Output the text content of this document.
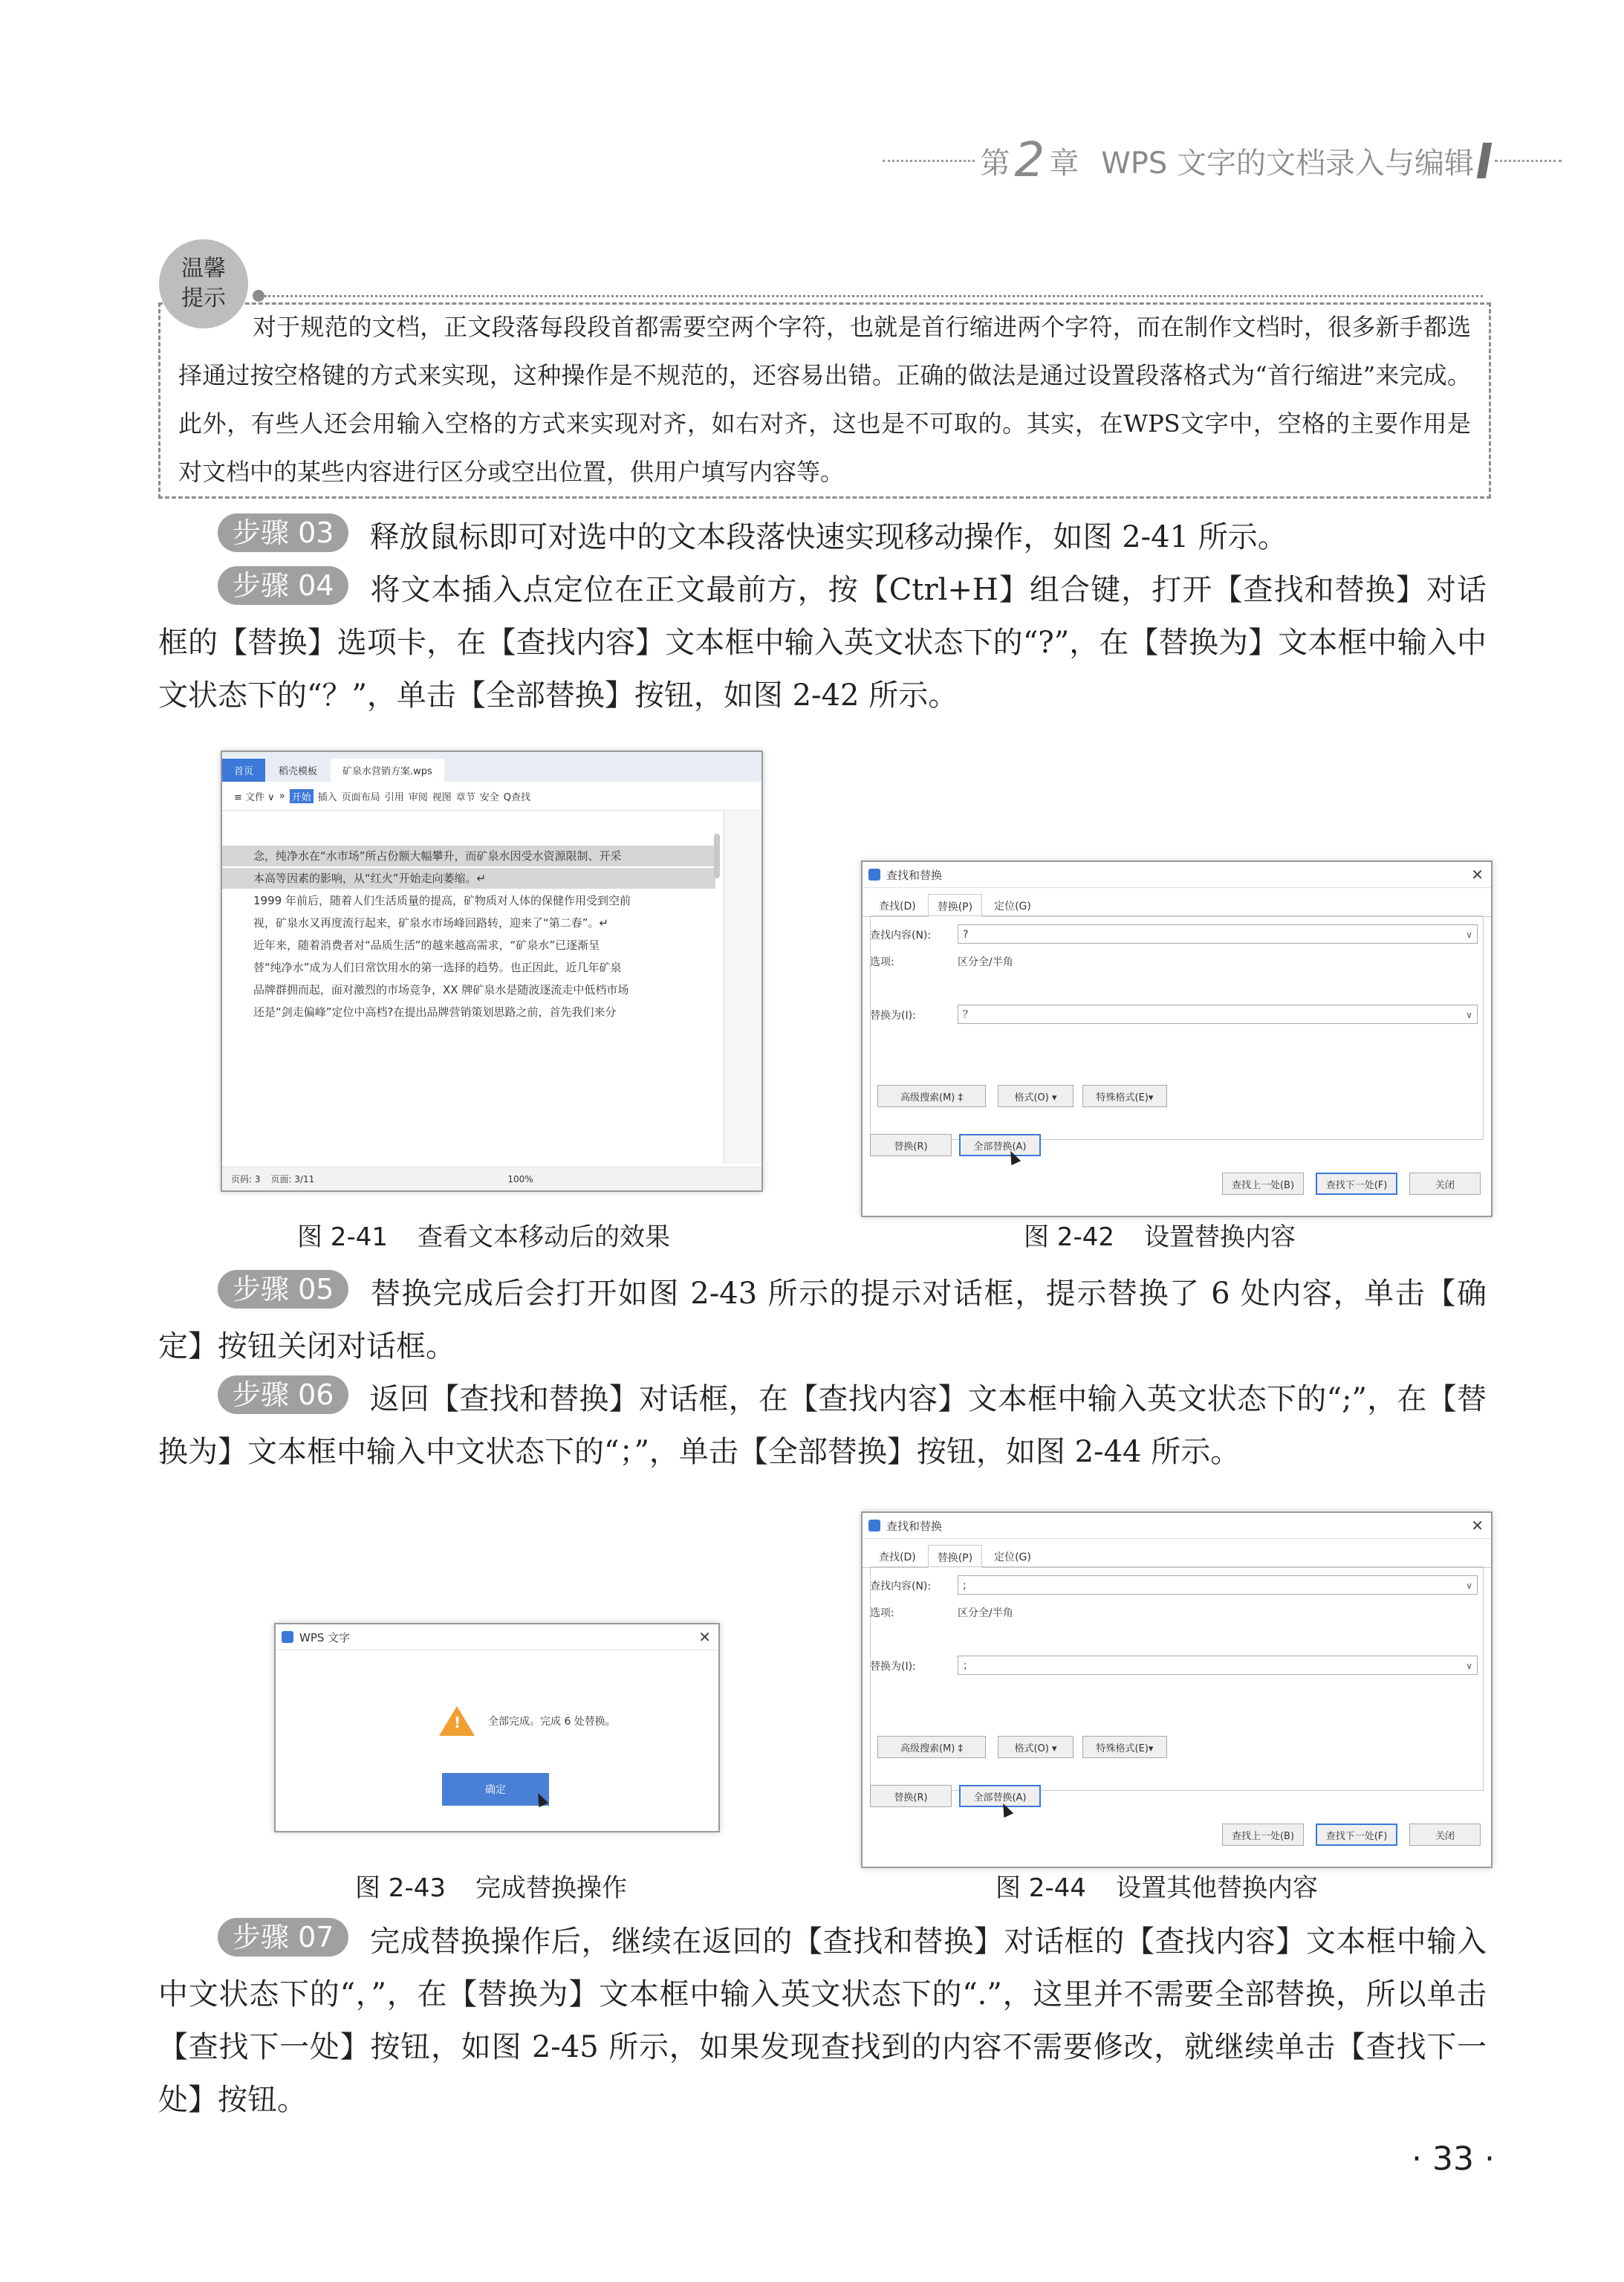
第 2 章 WPS 文字的文档录入与编辑
温馨
提示
对于规范的文档，正文段落每段段首都需要空两个字符，也就是首行缩进两个字符，而在制作文档时，很多新手都选择通过按空格键的方式来实现，这种操作是不规范的，还容易出错。正确的做法是通过设置段落格式为“首行缩进”来完成。此外，有些人还会用输入空格的方式来实现对齐，如右对齐，这也是不可取的。其实，在WPS文字中，空格的主要作用是对文档中的某些内容进行区分或空出位置，供用户填写内容等。
步骤 03 释放鼠标即可对选中的文本段落快速实现移动操作，如图 2-41 所示。
步骤 04 将文本插入点定位在正文最前方，按【Ctrl+H】组合键，打开【查找和替换】对话框的【替换】选项卡，在【查找内容】文本框中输入英文状态下的“?”，在【替换为】文本框中输入中文状态下的“？”，单击【全部替换】按钮，如图 2-42 所示。
首页	稻壳模板	矿泉水营销方案.wps
≡ 文件 ∨ » 开始 插入 页面布局 引用 审阅 视图 章节 安全 Q查找
念，纯净水在“水市场”所占份额大幅攀升，而矿泉水因受水资源限制、开采
本高等因素的影响，从“红火”开始走向萎缩。↵
1999 年前后，随着人们生活质量的提高，矿物质对人体的保健作用受到空前
视，矿泉水又再度流行起来，矿泉水市场峰回路转，迎来了“第二春”。↵
近年来，随着消费者对“品质生活”的越来越高需求，“矿泉水”已逐渐呈
替“纯净水”成为人们日常饮用水的第一选择的趋势。也正因此，近几年矿泉
品牌群拥而起，面对激烈的市场竞争，XX 牌矿泉水是随波逐流走中低档市场
还是“剑走偏峰”定位中高档?在提出品牌营销策划思路之前，首先我们来分
页码: 3 页面: 3/11	100%
查找和替换	✕
查找(D)	替换(P)	定位(G)
查找内容(N):	?	∨
选项:	区分全/半角
替换为(I):	？	∨
高级搜索(M) ‡	格式(O) ▾	特殊格式(E)▾
替换(R)	全部替换(A)
查找上一处(B)	查找下一处(F)	关闭
图 2-41 查看文本移动后的效果	图 2-42 设置替换内容
步骤 05 替换完成后会打开如图 2-43 所示的提示对话框，提示替换了 6 处内容，单击【确定】按钮关闭对话框。
步骤 06 返回【查找和替换】对话框，在【查找内容】文本框中输入英文状态下的“;”，在【替换为】文本框中输入中文状态下的“；”，单击【全部替换】按钮，如图 2-44 所示。
WPS 文字	✕
!
全部完成。完成 6 处替换。
确定
查找和替换	✕
查找(D)	替换(P)	定位(G)
查找内容(N):	;	∨
选项:	区分全/半角
替换为(I):	；	∨
高级搜索(M) ‡	格式(O) ▾	特殊格式(E)▾
替换(R)	全部替换(A)
查找上一处(B)	查找下一处(F)	关闭
图 2-43 完成替换操作	图 2-44 设置其他替换内容
步骤 07 完成替换操作后，继续在返回的【查找和替换】对话框的【查找内容】文本框中输入中文状态下的“，”，在【替换为】文本框中输入英文状态下的“.”，这里并不需要全部替换，所以单击【查找下一处】按钮，如图 2-45 所示，如果发现查找到的内容不需要修改，就继续单击【查找下一处】按钮。
· 33 ·
